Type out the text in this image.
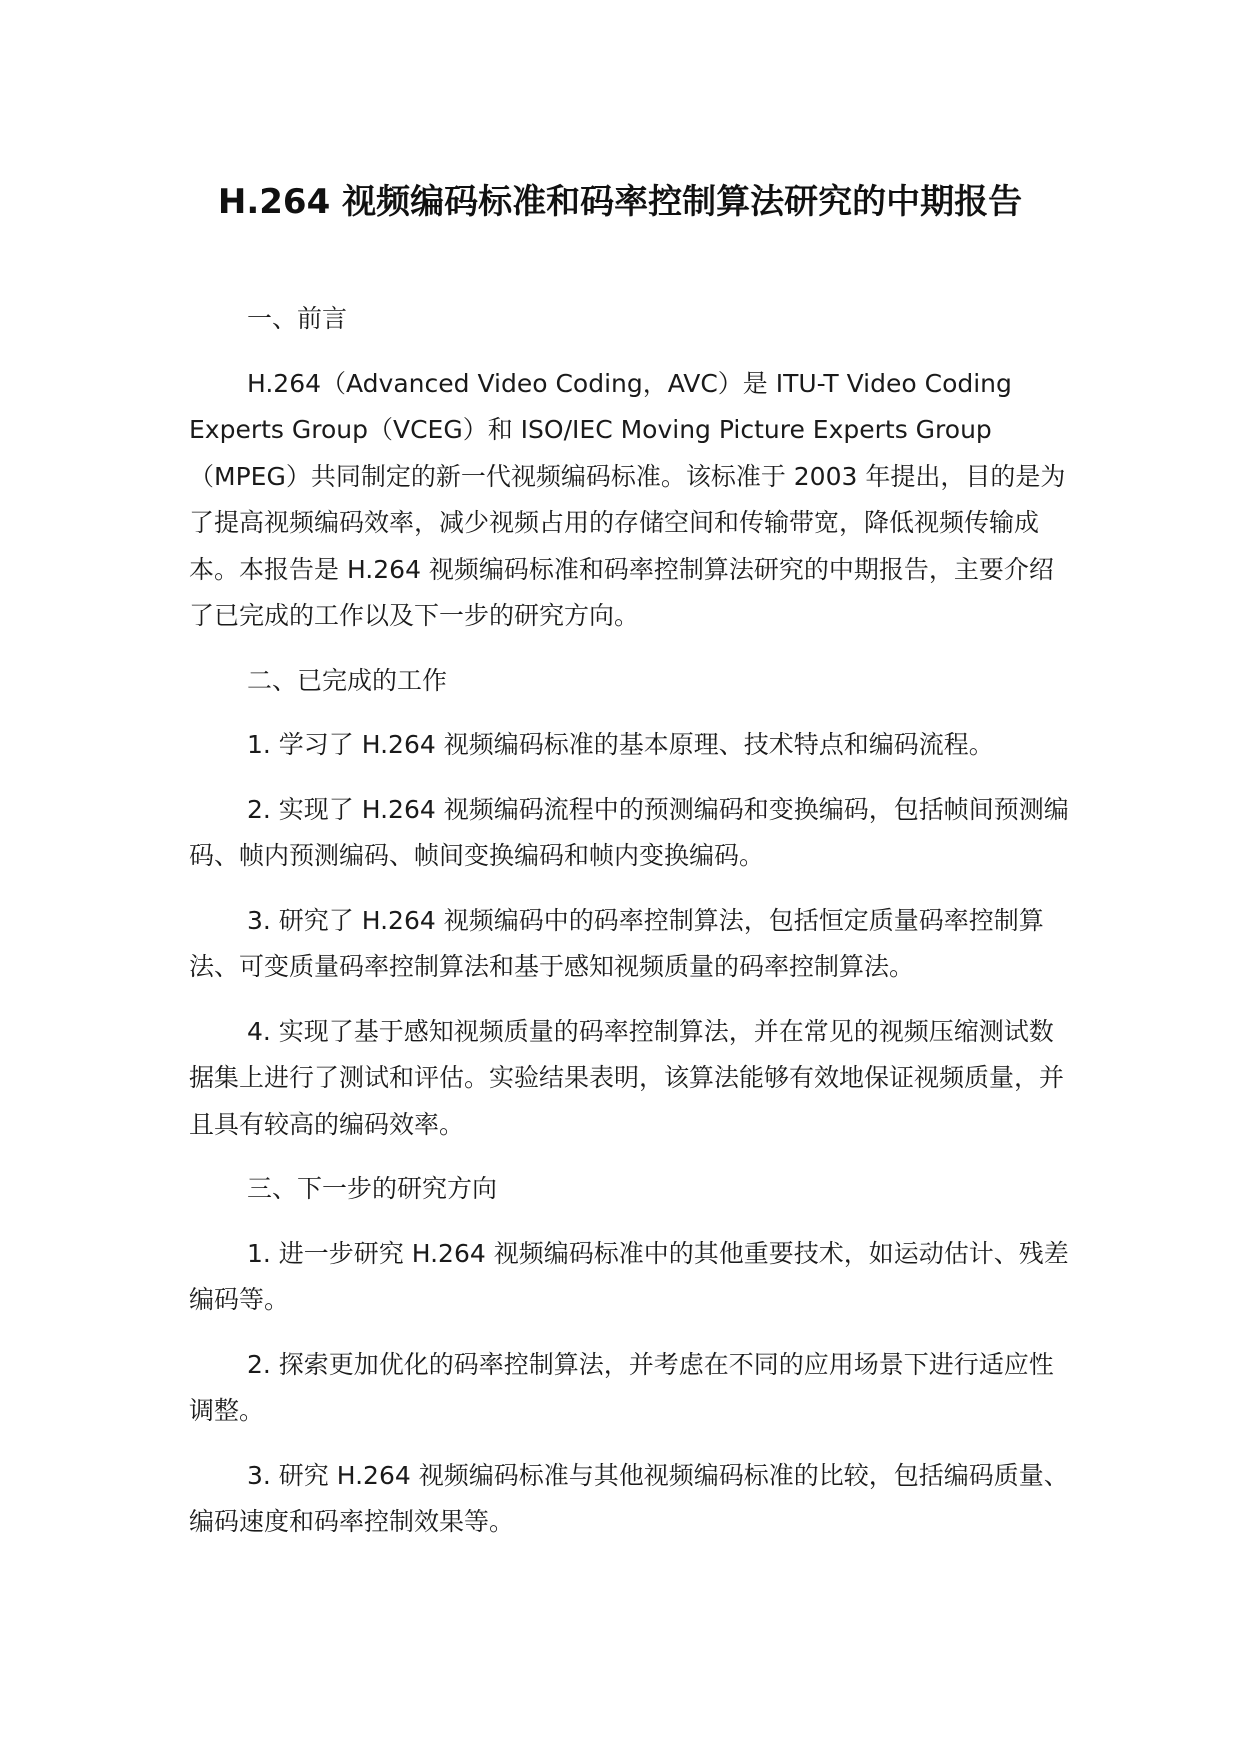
H.264 视频编码标准和码率控制算法研究的中期报告

一、前言

H.264（Advanced Video Coding，AVC）是 ITU-T Video Coding Experts Group（VCEG）和 ISO/IEC Moving Picture Experts Group（MPEG）共同制定的新一代视频编码标准。该标准于 2003 年提出，目的是为了提高视频编码效率，减少视频占用的存储空间和传输带宽，降低视频传输成本。本报告是 H.264 视频编码标准和码率控制算法研究的中期报告，主要介绍了已完成的工作以及下一步的研究方向。

二、已完成的工作

1. 学习了 H.264 视频编码标准的基本原理、技术特点和编码流程。

2. 实现了 H.264 视频编码流程中的预测编码和变换编码，包括帧间预测编码、帧内预测编码、帧间变换编码和帧内变换编码。

3. 研究了 H.264 视频编码中的码率控制算法，包括恒定质量码率控制算法、可变质量码率控制算法和基于感知视频质量的码率控制算法。

4. 实现了基于感知视频质量的码率控制算法，并在常见的视频压缩测试数据集上进行了测试和评估。实验结果表明，该算法能够有效地保证视频质量，并且具有较高的编码效率。

三、下一步的研究方向

1. 进一步研究 H.264 视频编码标准中的其他重要技术，如运动估计、残差编码等。

2. 探索更加优化的码率控制算法，并考虑在不同的应用场景下进行适应性调整。

3. 研究 H.264 视频编码标准与其他视频编码标准的比较，包括编码质量、编码速度和码率控制效果等。
